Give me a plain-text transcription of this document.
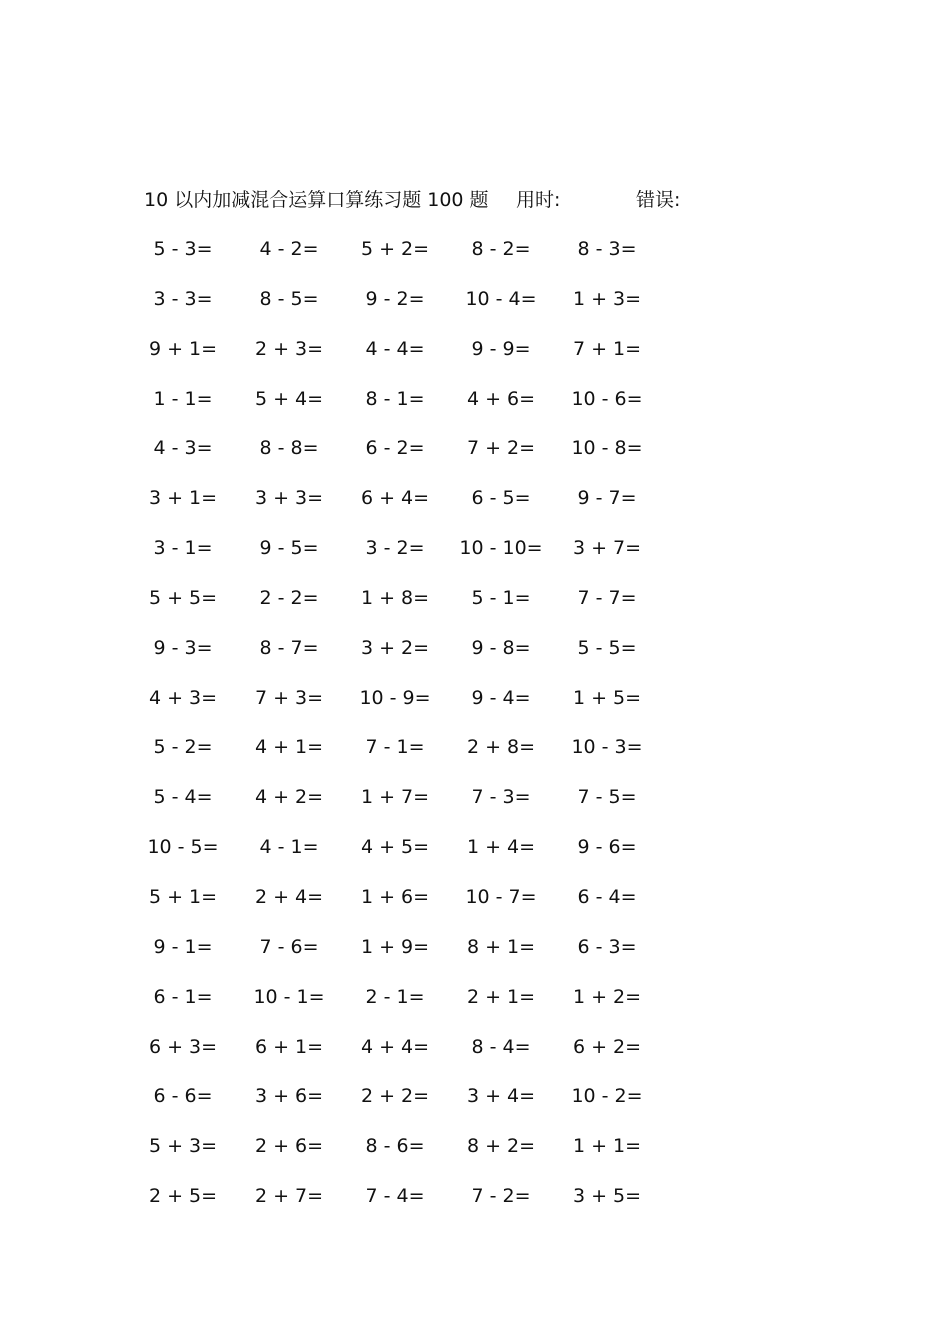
10 以内加减混合运算口算练习题 100 题 用时:	错误:
5 - 3=	4 - 2=	5 + 2=	8 - 2=	8 - 3=
3 - 3=	8 - 5=	9 - 2=	10 - 4=	1 + 3=
9 + 1=	2 + 3=	4 - 4=	9 - 9=	7 + 1=
1 - 1=	5 + 4=	8 - 1=	4 + 6=	10 - 6=
4 - 3=	8 - 8=	6 - 2=	7 + 2=	10 - 8=
3 + 1=	3 + 3=	6 + 4=	6 - 5=	9 - 7=
3 - 1=	9 - 5=	3 - 2=	10 - 10=	3 + 7=
5 + 5=	2 - 2=	1 + 8=	5 - 1=	7 - 7=
9 - 3=	8 - 7=	3 + 2=	9 - 8=	5 - 5=
4 + 3=	7 + 3=	10 - 9=	9 - 4=	1 + 5=
5 - 2=	4 + 1=	7 - 1=	2 + 8=	10 - 3=
5 - 4=	4 + 2=	1 + 7=	7 - 3=	7 - 5=
10 - 5=	4 - 1=	4 + 5=	1 + 4=	9 - 6=
5 + 1=	2 + 4=	1 + 6=	10 - 7=	6 - 4=
9 - 1=	7 - 6=	1 + 9=	8 + 1=	6 - 3=
6 - 1=	10 - 1=	2 - 1=	2 + 1=	1 + 2=
6 + 3=	6 + 1=	4 + 4=	8 - 4=	6 + 2=
6 - 6=	3 + 6=	2 + 2=	3 + 4=	10 - 2=
5 + 3=	2 + 6=	8 - 6=	8 + 2=	1 + 1=
2 + 5=	2 + 7=	7 - 4=	7 - 2=	3 + 5=
